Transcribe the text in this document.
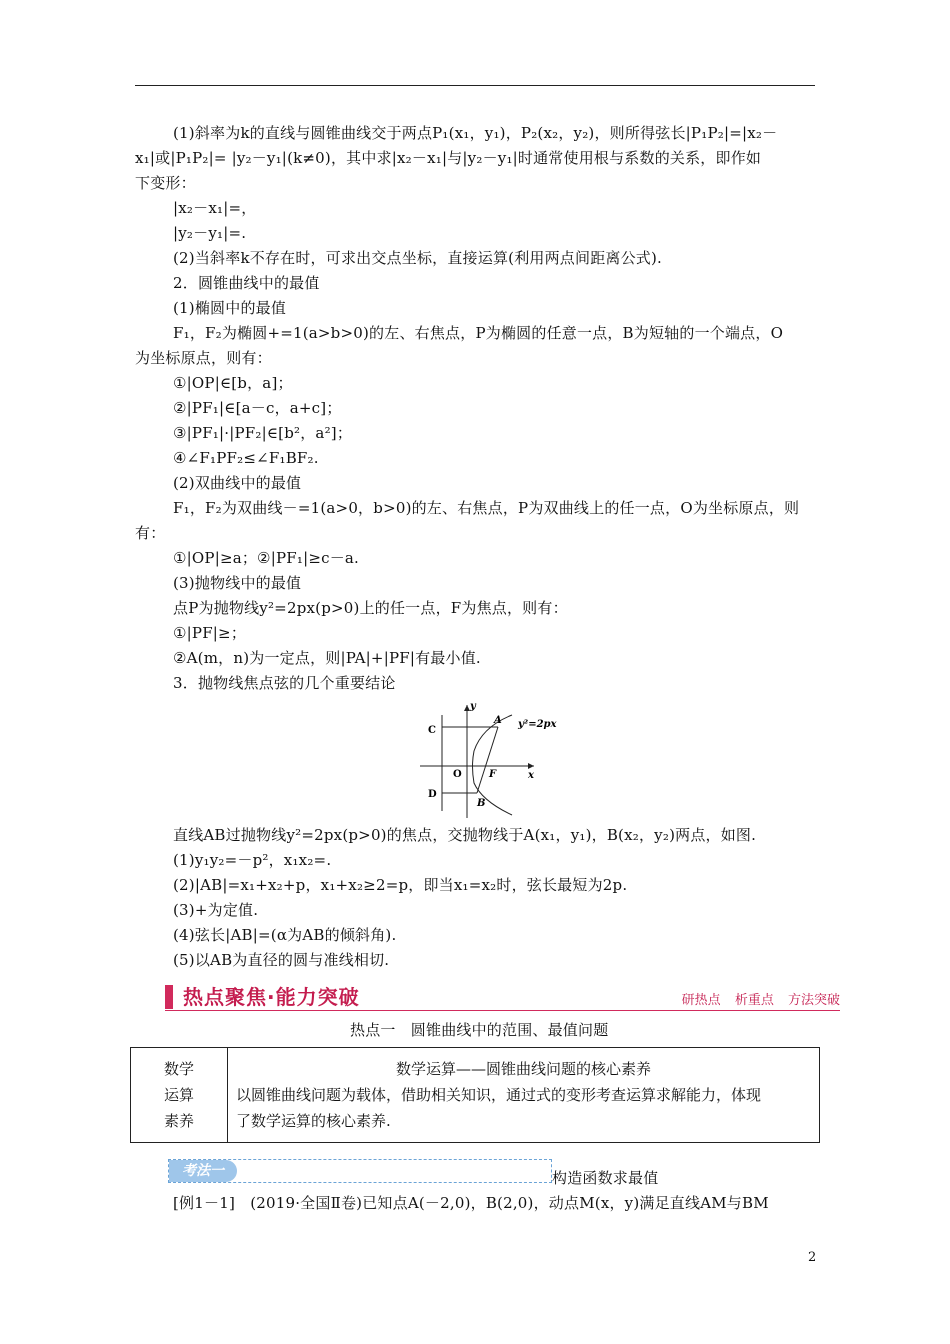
(1)斜率为k的直线与圆锥曲线交于两点P₁(x₁，y₁)，P₂(x₂，y₂)，则所得弦长|P₁P₂|=|x₂－
x₁|或|P₁P₂|= |y₂－y₁|(k≠0)，其中求|x₂－x₁|与|y₂－y₁|时通常使用根与系数的关系，即作如
下变形：
|x₂－x₁|=，
|y₂－y₁|=.
(2)当斜率k不存在时，可求出交点坐标，直接运算(利用两点间距离公式).
2．圆锥曲线中的最值
(1)椭圆中的最值
F₁，F₂为椭圆+=1(a>b>0)的左、右焦点，P为椭圆的任意一点，B为短轴的一个端点，O
为坐标原点，则有：
①|OP|∈[b，a]；
②|PF₁|∈[a－c，a+c]；
③|PF₁|·|PF₂|∈[b²，a²]；
④∠F₁PF₂≤∠F₁BF₂.
(2)双曲线中的最值
F₁，F₂为双曲线－=1(a>0，b>0)的左、右焦点，P为双曲线上的任一点，O为坐标原点，则
有：
①|OP|≥a；②|PF₁|≥c－a.
(3)抛物线中的最值
点P为抛物线y²=2px(p>0)上的任一点，F为焦点，则有：
①|PF|≥；
②A(m，n)为一定点，则|PA|+|PF|有最小值.
3．抛物线焦点弦的几个重要结论
y
x
C
D
A
B
O	F
y²=2px
直线AB过抛物线y²=2px(p>0)的焦点，交抛物线于A(x₁，y₁)，B(x₂，y₂)两点，如图.
(1)y₁y₂=－p²，x₁x₂=.
(2)|AB|=x₁+x₂+p，x₁+x₂≥2=p，即当x₁=x₂时，弦长最短为2p.
(3)+为定值.
(4)弦长|AB|=(α为AB的倾斜角).
(5)以AB为直径的圆与准线相切.
热点聚焦·能力突破	研热点 析重点 方法突破
热点一　圆锥曲线中的范围、最值问题
数学
运算
素养

数学运算——圆锥曲线问题的核心素养
以圆锥曲线问题为载体，借助相关知识，通过式的变形考查运算求解能力，体现
了数学运算的核心素养.
考法一	构造函数求最值
[例1－1]　(2019·全国Ⅱ卷)已知点A(－2,0)，B(2,0)，动点M(x，y)满足直线AM与BM
2
